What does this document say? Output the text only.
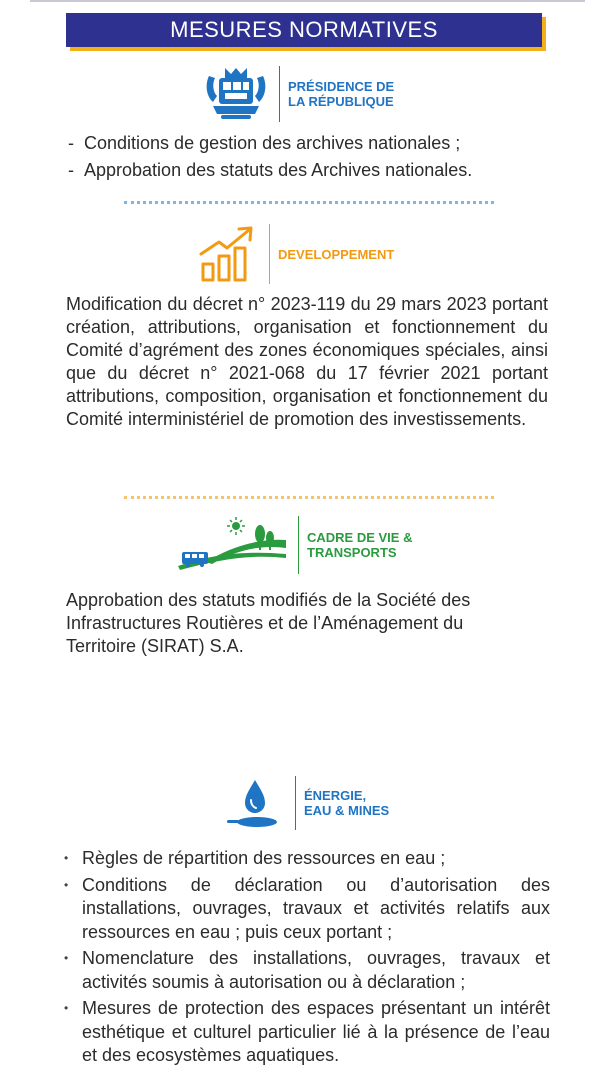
MESURES NORMATIVES
PRÉSIDENCE DE
LA RÉPUBLIQUE
- Conditions de gestion des archives nationales ;
- Approbation des statuts des Archives nationales.
DEVELOPPEMENT

Modification du décret n° 2023-119 du 29 mars 2023 portant création, attributions, organisation et fonctionnement du Comité d’agrément des zones économiques spéciales, ainsi que du décret n° 2021-068 du 17 février 2021 portant attributions, composition, organisation et fonctionnement du Comité interministériel de promotion des investissements.

CADRE DE VIE &
TRANSPORTS

Approbation des statuts modifiés de la Société des Infrastructures Routières et de l’Aménagement du Territoire (SIRAT) S.A.

ÉNERGIE,
EAU & MINES
• Règles de répartition des ressources en eau ;
• Conditions de déclaration ou d’autorisation des installations, ouvrages, travaux et activités relatifs aux ressources en eau ; puis ceux portant ;
• Nomenclature des installations, ouvrages, travaux et activités soumis à autorisation ou à déclaration ;
• Mesures de protection des espaces présentant un intérêt esthétique et culturel particulier lié à la présence de l’eau et des ecosystèmes aquatiques.
